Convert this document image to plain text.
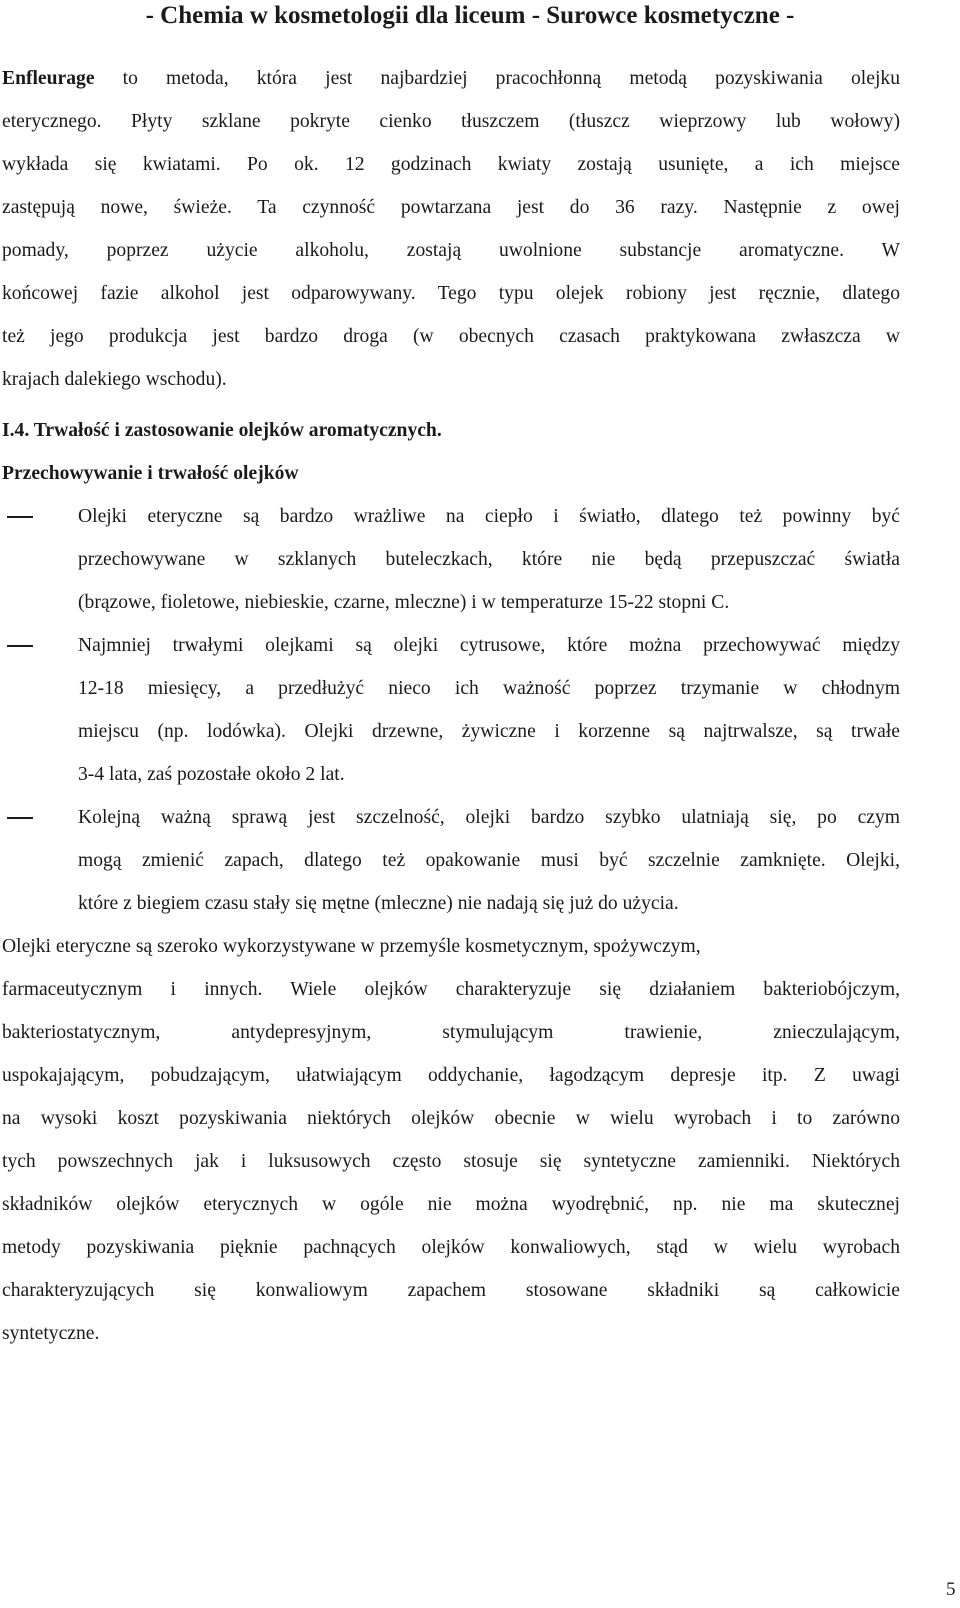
- Chemia w kosmetologii dla liceum - Surowce kosmetyczne -
Enfleurage to metoda, która jest najbardziej pracochłonną metodą pozyskiwania olejku
eterycznego. Płyty szklane pokryte cienko tłuszczem (tłuszcz wieprzowy lub wołowy)
wykłada się kwiatami. Po ok. 12 godzinach kwiaty zostają usunięte, a ich miejsce
zastępują nowe, świeże. Ta czynność powtarzana jest do 36 razy. Następnie z owej
pomady, poprzez użycie alkoholu, zostają uwolnione substancje aromatyczne. W
końcowej fazie alkohol jest odparowywany. Tego typu olejek robiony jest ręcznie, dlatego
też jego produkcja jest bardzo droga (w obecnych czasach praktykowana zwłaszcza w
krajach dalekiego wschodu).
I.4. Trwałość i zastosowanie olejków aromatycznych.
Przechowywanie i trwałość olejków
Olejki eteryczne są bardzo wrażliwe na ciepło i światło, dlatego też powinny być
przechowywane w szklanych buteleczkach, które nie będą przepuszczać światła
(brązowe, fioletowe, niebieskie, czarne, mleczne) i w temperaturze 15-22 stopni C.
Najmniej trwałymi olejkami są olejki cytrusowe, które można przechowywać między
12-18 miesięcy, a przedłużyć nieco ich ważność poprzez trzymanie w chłodnym
miejscu (np. lodówka). Olejki drzewne, żywiczne i korzenne są najtrwalsze, są trwałe
3-4 lata, zaś pozostałe około 2 lat.
Kolejną ważną sprawą jest szczelność, olejki bardzo szybko ulatniają się, po czym
mogą zmienić zapach, dlatego też opakowanie musi być szczelnie zamknięte. Olejki,
które z biegiem czasu stały się mętne (mleczne) nie nadają się już do użycia.
Olejki eteryczne są szeroko wykorzystywane w przemyśle kosmetycznym, spożywczym,
farmaceutycznym i innych. Wiele olejków charakteryzuje się działaniem bakteriobójczym,
bakteriostatycznym, antydepresyjnym, stymulującym trawienie, znieczulającym,
uspokajającym, pobudzającym, ułatwiającym oddychanie, łagodzącym depresje itp. Z uwagi
na wysoki koszt pozyskiwania niektórych olejków obecnie w wielu wyrobach i to zarówno
tych powszechnych jak i luksusowych często stosuje się syntetyczne zamienniki. Niektórych
składników olejków eterycznych w ogóle nie można wyodrębnić, np. nie ma skutecznej
metody pozyskiwania pięknie pachnących olejków konwaliowych, stąd w wielu wyrobach
charakteryzujących się konwaliowym zapachem stosowane składniki są całkowicie
syntetyczne.
5
